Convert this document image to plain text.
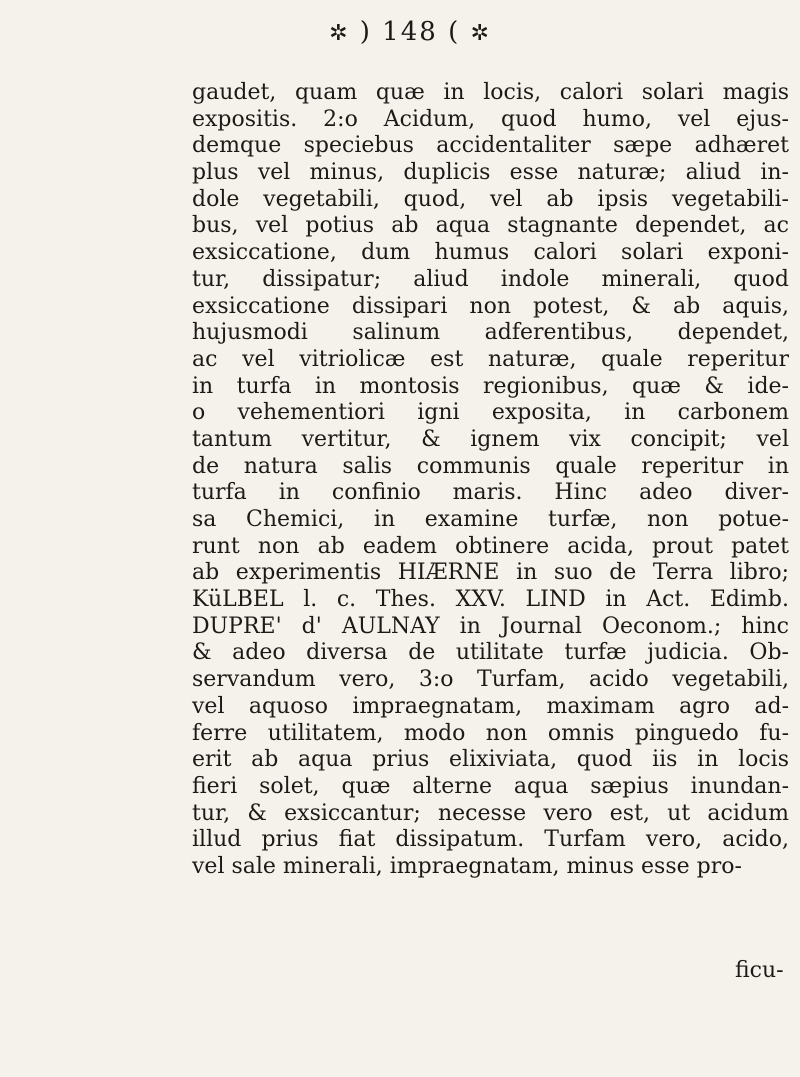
✲ ) 148 ( ✲
gaudet, quam quæ in locis, calori solari magis
expositis. 2:o Acidum, quod humo, vel ejus-
demque speciebus accidentaliter sæpe adhæret
plus vel minus, duplicis esse naturæ; aliud in-
dole vegetabili, quod, vel ab ipsis vegetabili-
bus, vel potius ab aqua stagnante dependet, ac
exsiccatione, dum humus calori solari exponi-
tur, dissipatur; aliud indole minerali, quod
exsiccatione dissipari non potest, & ab aquis,
hujusmodi salinum adferentibus, dependet,
ac vel vitriolicæ est naturæ, quale reperitur
in turfa in montosis regionibus, quæ & ide-
o vehementiori igni exposita, in carbonem
tantum vertitur, & ignem vix concipit; vel
de natura salis communis quale reperitur in
turfa in confinio maris. Hinc adeo diver-
sa Chemici, in examine turfæ, non potue-
runt non ab eadem obtinere acida, prout patet
ab experimentis HIÆRNE in suo de Terra libro;
KüLBEL l. c. Thes. XXV. LIND in Act. Edimb.
DUPRE' d' AULNAY in Journal Oeconom.; hinc
& adeo diversa de utilitate turfæ judicia. Ob-
servandum vero, 3:o Turfam, acido vegetabili,
vel aquoso impraegnatam, maximam agro ad-
ferre utilitatem, modo non omnis pinguedo fu-
erit ab aqua prius elixiviata, quod iis in locis
fieri solet, quæ alterne aqua sæpius inundan-
tur, & exsiccantur; necesse vero est, ut acidum
illud prius fiat dissipatum. Turfam vero, acido,
vel sale minerali, impraegnatam, minus esse pro-
ficu-
